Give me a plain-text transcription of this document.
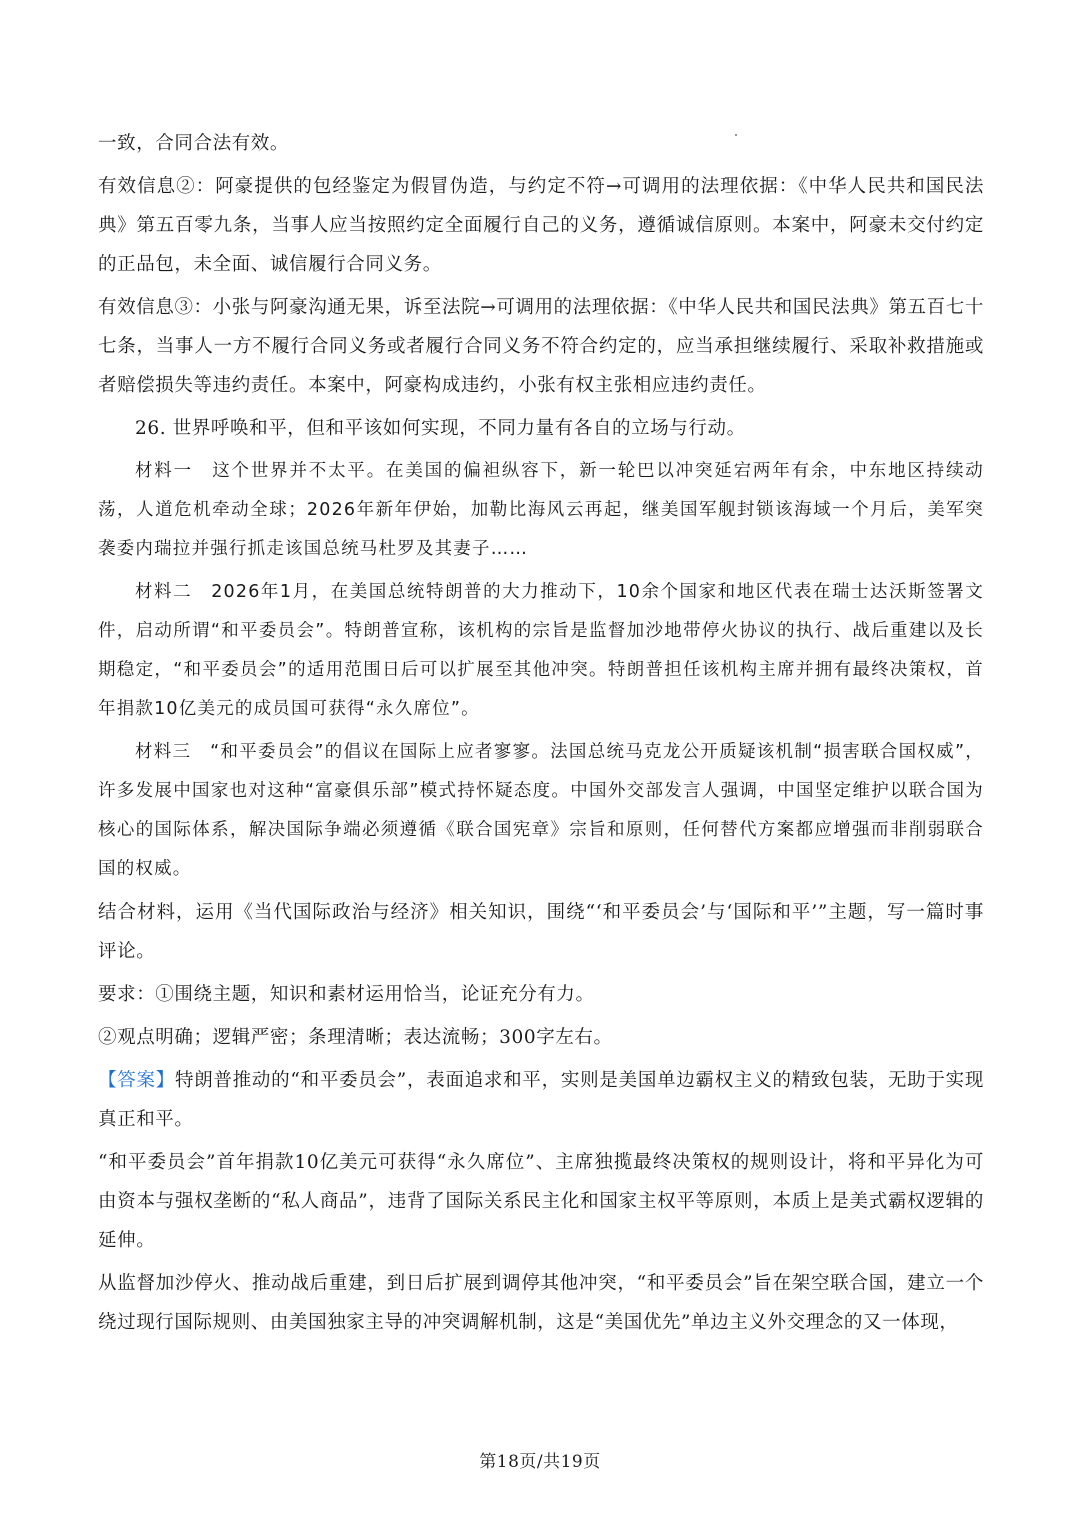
一致，合同合法有效。

有效信息②：阿豪提供的包经鉴定为假冒伪造，与约定不符→可调用的法理依据：《中华人民共和国民法典》第五百零九条，当事人应当按照约定全面履行自己的义务，遵循诚信原则。本案中，阿豪未交付约定的正品包，未全面、诚信履行合同义务。

有效信息③：小张与阿豪沟通无果，诉至法院→可调用的法理依据：《中华人民共和国民法典》第五百七十七条，当事人一方不履行合同义务或者履行合同义务不符合约定的，应当承担继续履行、采取补救措施或者赔偿损失等违约责任。本案中，阿豪构成违约，小张有权主张相应违约责任。

26. 世界呼唤和平，但和平该如何实现，不同力量有各自的立场与行动。

材料一　这个世界并不太平。在美国的偏袒纵容下，新一轮巴以冲突延宕两年有余，中东地区持续动荡，人道危机牵动全球；2026年新年伊始，加勒比海风云再起，继美国军舰封锁该海域一个月后，美军突袭委内瑞拉并强行抓走该国总统马杜罗及其妻子……

材料二　2026年1月，在美国总统特朗普的大力推动下，10余个国家和地区代表在瑞士达沃斯签署文件，启动所谓“和平委员会”。特朗普宣称，该机构的宗旨是监督加沙地带停火协议的执行、战后重建以及长期稳定，“和平委员会”的适用范围日后可以扩展至其他冲突。特朗普担任该机构主席并拥有最终决策权，首年捐款10亿美元的成员国可获得“永久席位”。

材料三　“和平委员会”的倡议在国际上应者寥寥。法国总统马克龙公开质疑该机制“损害联合国权威”，许多发展中国家也对这种“富豪俱乐部”模式持怀疑态度。中国外交部发言人强调，中国坚定维护以联合国为核心的国际体系，解决国际争端必须遵循《联合国宪章》宗旨和原则，任何替代方案都应增强而非削弱联合国的权威。

结合材料，运用《当代国际政治与经济》相关知识，围绕“‘和平委员会’与‘国际和平’”主题，写一篇时事评论。

要求：①围绕主题，知识和素材运用恰当，论证充分有力。

②观点明确；逻辑严密；条理清晰；表达流畅；300字左右。

【答案】特朗普推动的“和平委员会”，表面追求和平，实则是美国单边霸权主义的精致包装，无助于实现真正和平。

“和平委员会”首年捐款10亿美元可获得“永久席位”、主席独揽最终决策权的规则设计，将和平异化为可由资本与强权垄断的“私人商品”，违背了国际关系民主化和国家主权平等原则，本质上是美式霸权逻辑的延伸。

从监督加沙停火、推动战后重建，到日后扩展到调停其他冲突，“和平委员会”旨在架空联合国，建立一个绕过现行国际规则、由美国独家主导的冲突调解机制，这是“美国优先”单边主义外交理念的又一体现，

第18页/共19页
